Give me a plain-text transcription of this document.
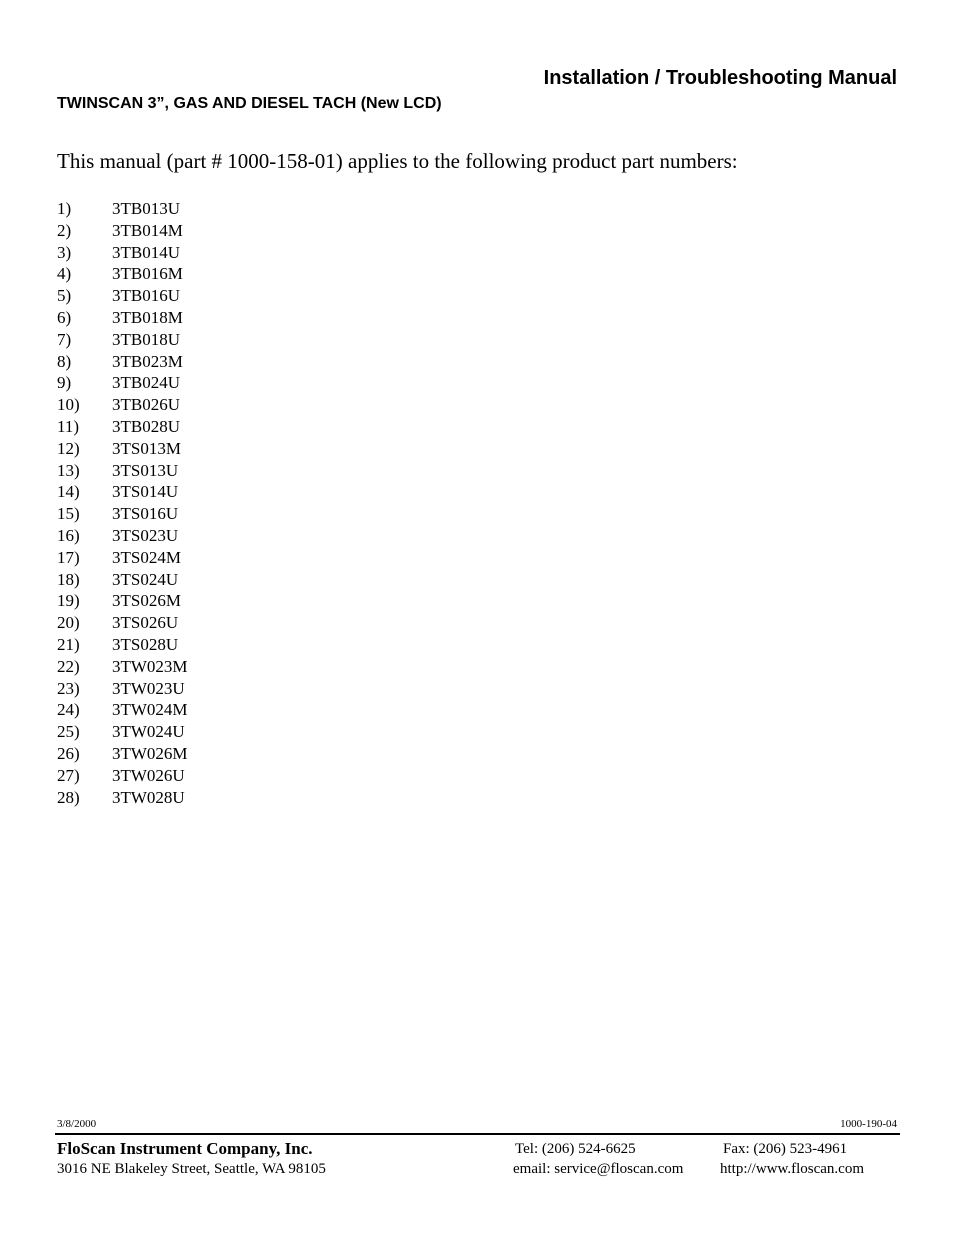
Installation / Troubleshooting Manual
TWINSCAN 3”, GAS AND DIESEL TACH (New LCD)
This manual (part # 1000-158-01) applies to the following product part numbers:
1) 3TB013U
2) 3TB014M
3) 3TB014U
4) 3TB016M
5) 3TB016U
6) 3TB018M
7) 3TB018U
8) 3TB023M
9) 3TB024U
10) 3TB026U
11) 3TB028U
12) 3TS013M
13) 3TS013U
14) 3TS014U
15) 3TS016U
16) 3TS023U
17) 3TS024M
18) 3TS024U
19) 3TS026M
20) 3TS026U
21) 3TS028U
22) 3TW023M
23) 3TW023U
24) 3TW024M
25) 3TW024U
26) 3TW026M
27) 3TW026U
28) 3TW028U
3/8/2000	1000-190-04
FloScan Instrument Company, Inc.
3016 NE Blakeley Street, Seattle, WA 98105
Tel: (206) 524-6625	Fax: (206) 523-4961
email: service@floscan.com http://www.floscan.com
